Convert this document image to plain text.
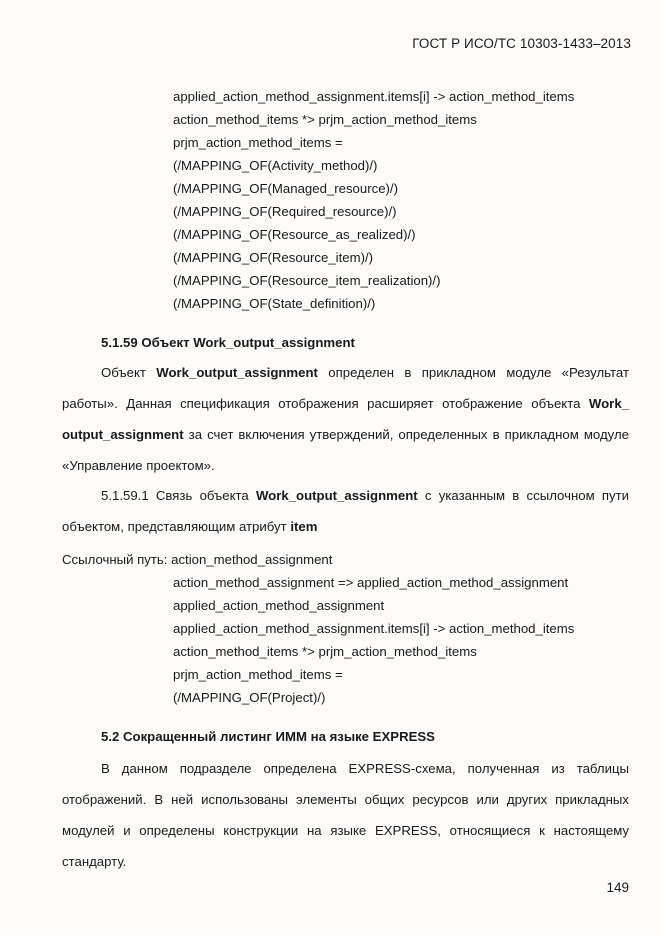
ГОСТ Р ИСО/ТС 10303-1433–2013
applied_action_method_assignment.items[i] -> action_method_items
action_method_items *> prjm_action_method_items
prjm_action_method_items =
(/MAPPING_OF(Activity_method)/)
(/MAPPING_OF(Managed_resource)/)
(/MAPPING_OF(Required_resource)/)
(/MAPPING_OF(Resource_as_realized)/)
(/MAPPING_OF(Resource_item)/)
(/MAPPING_OF(Resource_item_realization)/)
(/MAPPING_OF(State_definition)/)
5.1.59 Объект Work_output_assignment
Объект Work_output_assignment определен в прикладном модуле «Результат
работы». Данная спецификация отображения расширяет отображение объекта Work_
output_assignment за счет включения утверждений, определенных в прикладном модуле
«Управление проектом».
5.1.59.1 Связь объекта Work_output_assignment с указанным в ссылочном пути
объектом, представляющим атрибут item
Ссылочный путь: action_method_assignment
action_method_assignment => applied_action_method_assignment
applied_action_method_assignment
applied_action_method_assignment.items[i] -> action_method_items
action_method_items *> prjm_action_method_items
prjm_action_method_items =
(/MAPPING_OF(Project)/)
5.2 Сокращенный листинг ИММ на языке EXPRESS
В данном подразделе определена EXPRESS-схема, полученная из таблицы
отображений. В ней использованы элементы общих ресурсов или других прикладных
модулей и определены конструкции на языке EXPRESS, относящиеся к настоящему
стандарту.
149
